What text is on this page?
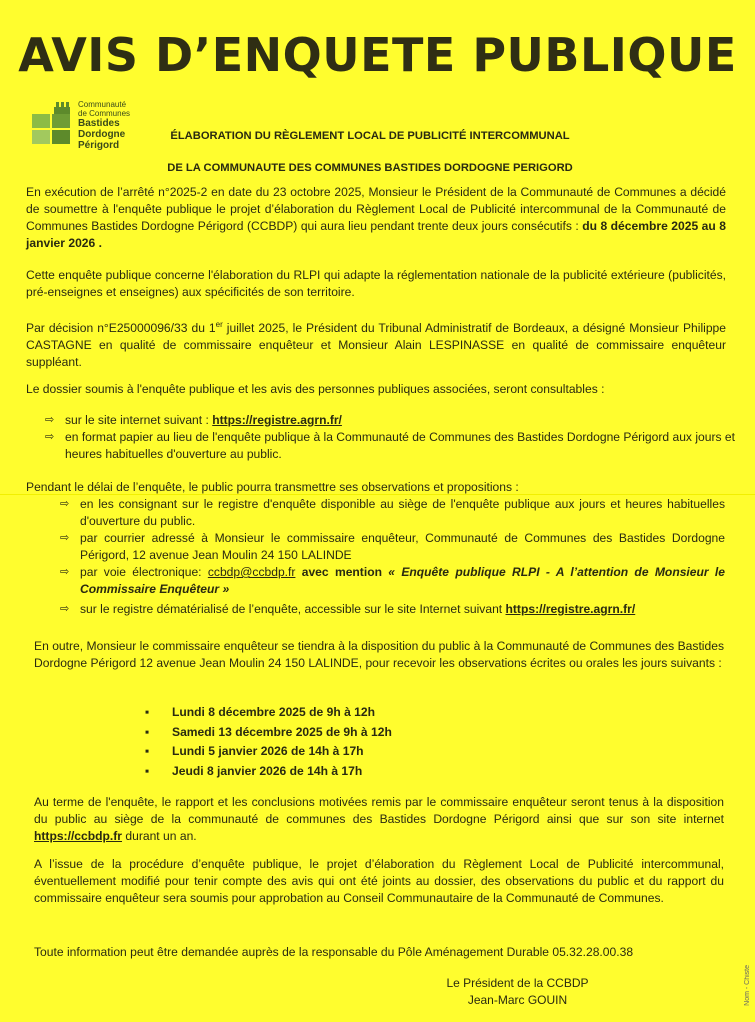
AVIS D’ENQUETE PUBLIQUE
Communauté
de Communes
Bastides
Dordogne
Périgord
ÉLABORATION DU RÈGLEMENT LOCAL DE PUBLICITÉ INTERCOMMUNAL
DE LA COMMUNAUTE DES COMMUNES BASTIDES DORDOGNE PERIGORD
En exécution de l’arrêté n°2025-2 en date du 23 octobre 2025, Monsieur le Président de la Communauté de Communes a décidé de soumettre à l'enquête publique le projet d’élaboration du Règlement Local de Publicité intercommunal de la Communauté de Communes Bastides Dordogne Périgord (CCBDP) qui aura lieu pendant trente deux jours consécutifs : du 8 décembre 2025 au 8 janvier 2026 .
Cette enquête publique concerne l'élaboration du RLPI qui adapte la réglementation nationale de la publicité extérieure (publicités, pré-enseignes et enseignes) aux spécificités de son territoire.
Par décision n°E25000096/33 du 1er juillet 2025, le Président du Tribunal Administratif de Bordeaux, a désigné Monsieur Philippe CASTAGNE en qualité de commissaire enquêteur et Monsieur Alain LESPINASSE en qualité de commissaire enquêteur suppléant.
Le dossier soumis à l'enquête publique et les avis des personnes publiques associées, seront consultables :
⇨ sur le site internet suivant : https://registre.agrn.fr/
⇨ en format papier au lieu de l'enquête publique à la Communauté de Communes des Bastides Dordogne Périgord aux jours et heures habituelles d'ouverture au public.
Pendant le délai de l’enquête, le public pourra transmettre ses observations et propositions :
⇨ en les consignant sur le registre d'enquête disponible au siège de l'enquête publique aux jours et heures habituelles d'ouverture du public.
⇨ par courrier adressé à Monsieur le commissaire enquêteur, Communauté de Communes des Bastides Dordogne Périgord, 12 avenue Jean Moulin 24 150 LALINDE
⇨ par voie électronique: ccbdp@ccbdp.fr avec mention « Enquête publique RLPI - A l’attention de Monsieur le Commissaire Enquêteur »
⇨ sur le registre dématérialisé de l’enquête, accessible sur le site Internet suivant https://registre.agrn.fr/
En outre, Monsieur le commissaire enquêteur se tiendra à la disposition du public à la Communauté de Communes des Bastides Dordogne Périgord 12 avenue Jean Moulin 24 150 LALINDE, pour recevoir les observations écrites ou orales les jours suivants :
▪ Lundi 8 décembre 2025 de 9h à 12h
▪ Samedi 13 décembre 2025 de 9h à 12h
▪ Lundi 5 janvier 2026 de 14h à 17h
▪ Jeudi 8 janvier 2026 de 14h à 17h
Au terme de l'enquête, le rapport et les conclusions motivées remis par le commissaire enquêteur seront tenus à la disposition du public au siège de la communauté de communes des Bastides Dordogne Périgord ainsi que sur son site internet https://ccbdp.fr durant un an.
A l’issue de la procédure d’enquête publique, le projet d’élaboration du Règlement Local de Publicité intercommunal, éventuellement modifié pour tenir compte des avis qui ont été joints au dossier, des observations du public et du rapport du commissaire enquêteur sera soumis pour approbation au Conseil Communautaire de la Communauté de Communes.
Toute information peut être demandée auprès de la responsable du Pôle Aménagement Durable 05.32.28.00.38
Le Président de la CCBDP
Jean-Marc GOUIN	Nom - Chiste
